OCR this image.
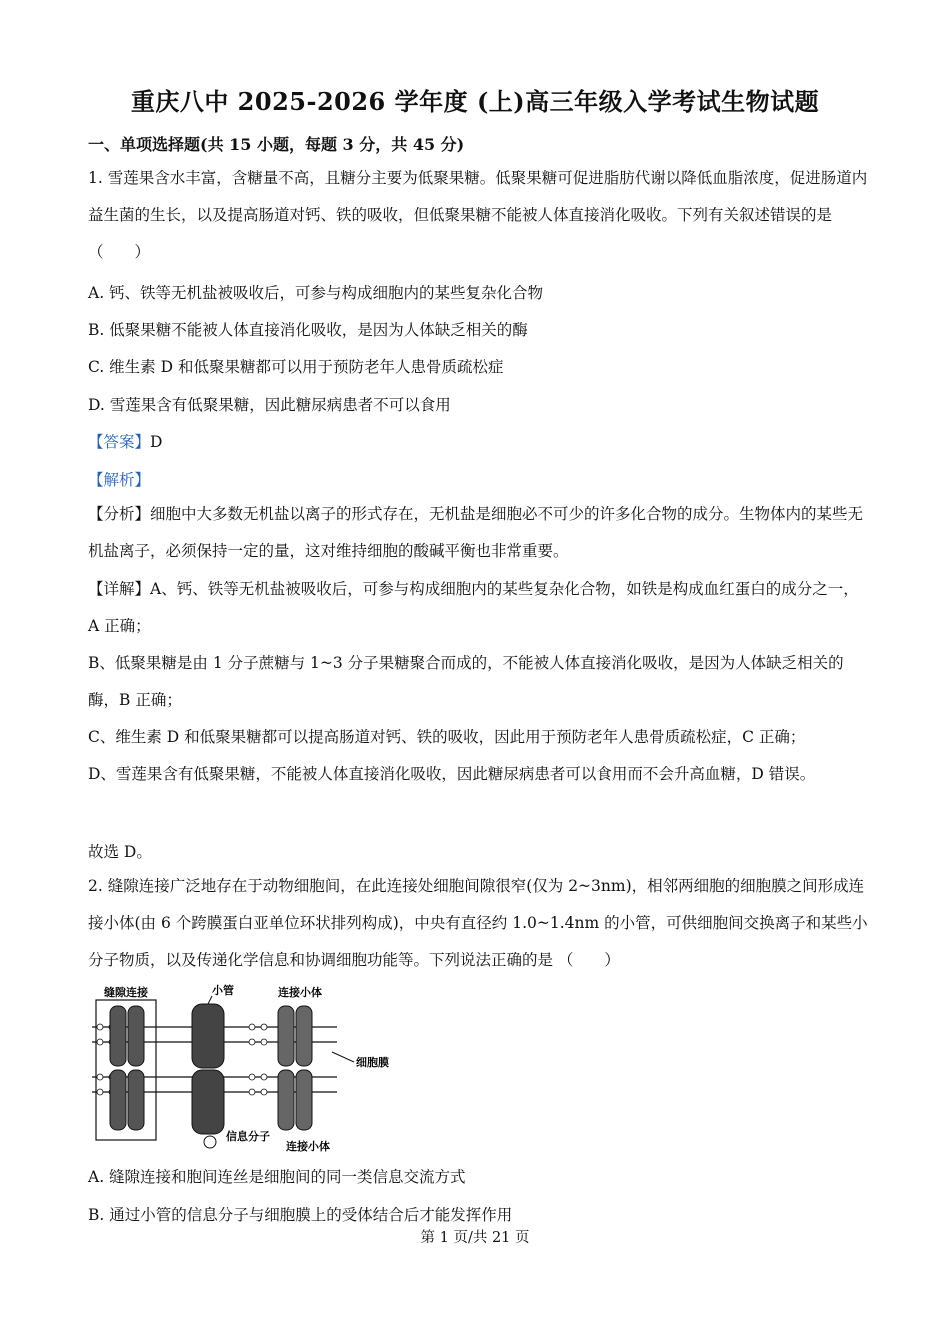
重庆八中 2025-2026 学年度 (上)高三年级入学考试生物试题
一、单项选择题(共 15 小题，每题 3 分，共 45 分)
1. 雪莲果含水丰富，含糖量不高，且糖分主要为低聚果糖。低聚果糖可促进脂肪代谢以降低血脂浓度，促进肠道内益生菌的生长，以及提高肠道对钙、铁的吸收，但低聚果糖不能被人体直接消化吸收。下列有关叙述错误的是（　　）
A. 钙、铁等无机盐被吸收后，可参与构成细胞内的某些复杂化合物
B. 低聚果糖不能被人体直接消化吸收，是因为人体缺乏相关的酶
C. 维生素 D 和低聚果糖都可以用于预防老年人患骨质疏松症
D. 雪莲果含有低聚果糖，因此糖尿病患者不可以食用
【答案】D
【解析】
【分析】细胞中大多数无机盐以离子的形式存在，无机盐是细胞必不可少的许多化合物的成分。生物体内的某些无机盐离子，必须保持一定的量，这对维持细胞的酸碱平衡也非常重要。
【详解】A、钙、铁等无机盐被吸收后，可参与构成细胞内的某些复杂化合物，如铁是构成血红蛋白的成分之一，A 正确；
B、低聚果糖是由 1 分子蔗糖与 1~3 分子果糖聚合而成的，不能被人体直接消化吸收，是因为人体缺乏相关的酶，B 正确；
C、维生素 D 和低聚果糖都可以提高肠道对钙、铁的吸收，因此用于预防老年人患骨质疏松症，C 正确；
D、雪莲果含有低聚果糖，不能被人体直接消化吸收，因此糖尿病患者可以食用而不会升高血糖，D 错误。
故选 D。
2. 缝隙连接广泛地存在于动物细胞间，在此连接处细胞间隙很窄(仅为 2~3nm)，相邻两细胞的细胞膜之间形成连接小体(由 6 个跨膜蛋白亚单位环状排列构成)，中央有直径约 1.0~1.4nm 的小管，可供细胞间交换离子和某些小分子物质，以及传递化学信息和协调细胞功能等。下列说法正确的是 （　　）
缝隙连接	小管	连接小体
细胞膜
信息分子
连接小体
A. 缝隙连接和胞间连丝是细胞间的同一类信息交流方式
B. 通过小管的信息分子与细胞膜上的受体结合后才能发挥作用
第 1 页/共 21 页
